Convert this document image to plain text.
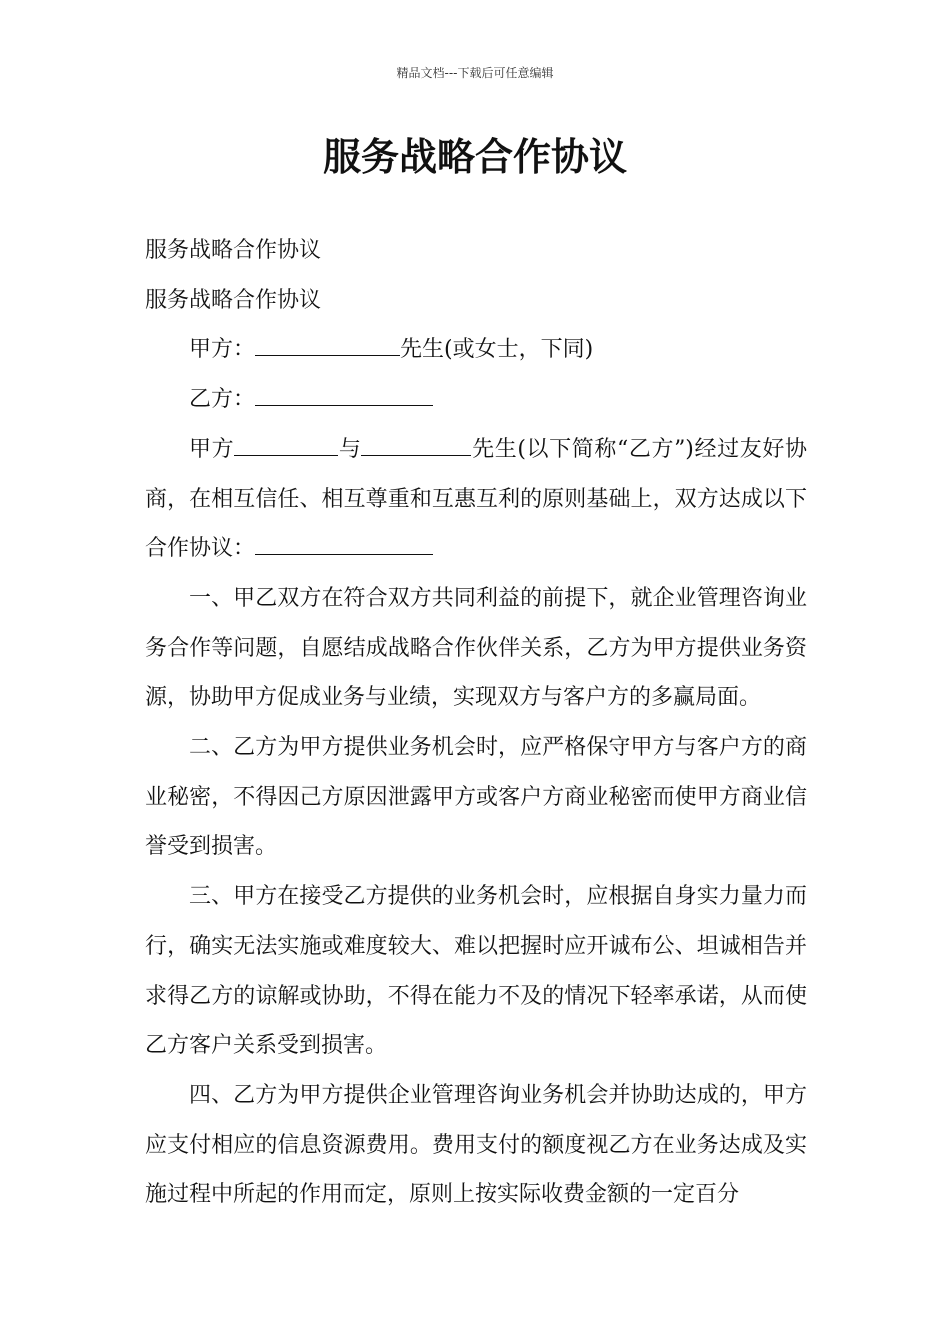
精品文档---下载后可任意编辑
服务战略合作协议

服务战略合作协议

服务战略合作协议

甲方：	先生(或女士，下同)

乙方：

甲方	与	先生(以下简称“乙方”)经过友好协商，在相互信任、相互尊重和互惠互利的原则基础上，双方达成以下合作协议：

一、甲乙双方在符合双方共同利益的前提下，就企业管理咨询业务合作等问题，自愿结成战略合作伙伴关系，乙方为甲方提供业务资源，协助甲方促成业务与业绩，实现双方与客户方的多赢局面。

二、乙方为甲方提供业务机会时，应严格保守甲方与客户方的商业秘密，不得因己方原因泄露甲方或客户方商业秘密而使甲方商业信誉受到损害。

三、甲方在接受乙方提供的业务机会时，应根据自身实力量力而行，确实无法实施或难度较大、难以把握时应开诚布公、坦诚相告并求得乙方的谅解或协助，不得在能力不及的情况下轻率承诺，从而使乙方客户关系受到损害。

四、乙方为甲方提供企业管理咨询业务机会并协助达成的，甲方应支付相应的信息资源费用。费用支付的额度视乙方在业务达成及实施过程中所起的作用而定，原则上按实际收费金额的一定百分
